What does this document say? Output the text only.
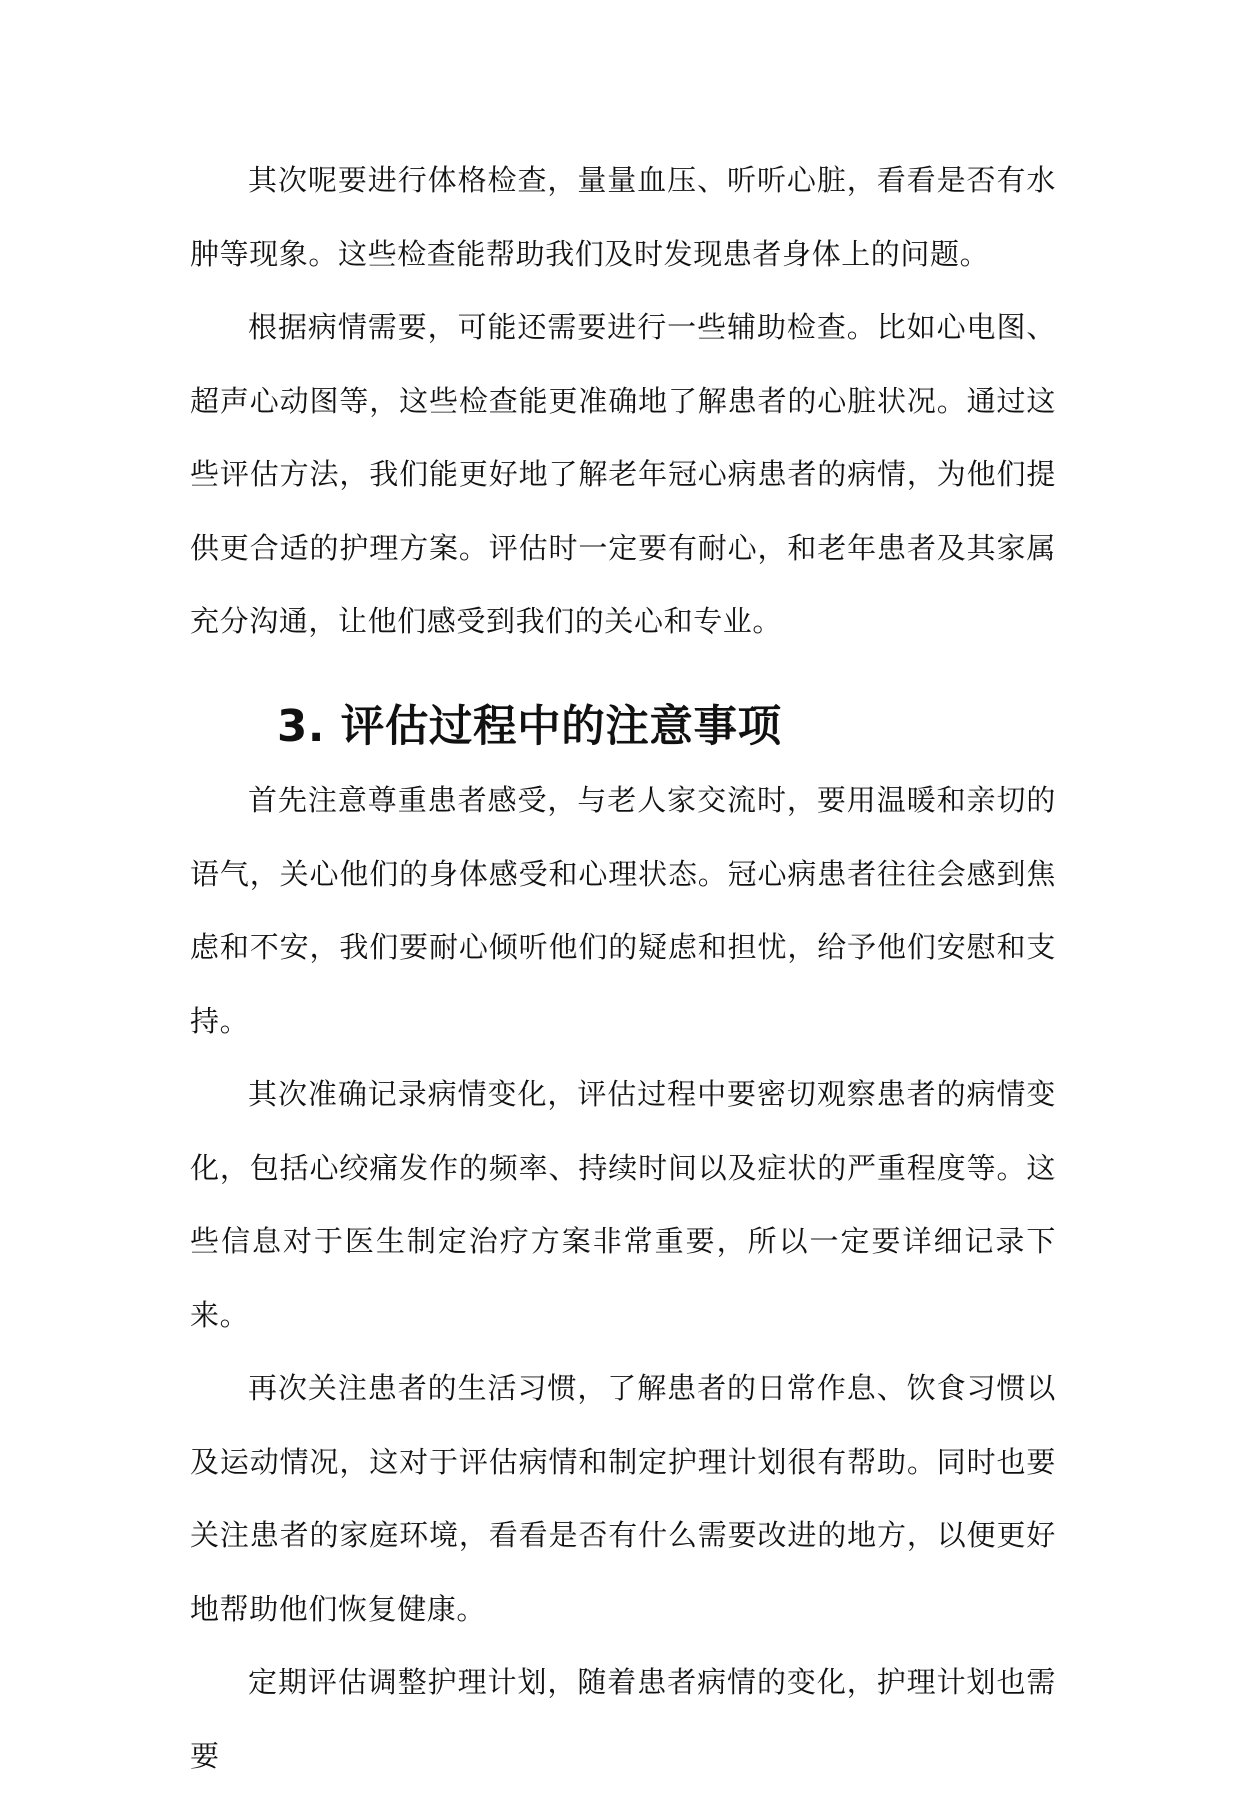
其次呢要进行体格检查，量量血压、听听心脏，看看是否有水肿等现象。这些检查能帮助我们及时发现患者身体上的问题。

根据病情需要，可能还需要进行一些辅助检查。比如心电图、超声心动图等，这些检查能更准确地了解患者的心脏状况。通过这些评估方法，我们能更好地了解老年冠心病患者的病情，为他们提供更合适的护理方案。评估时一定要有耐心，和老年患者及其家属充分沟通，让他们感受到我们的关心和专业。

3. 评估过程中的注意事项

首先注意尊重患者感受，与老人家交流时，要用温暖和亲切的语气，关心他们的身体感受和心理状态。冠心病患者往往会感到焦虑和不安，我们要耐心倾听他们的疑虑和担忧，给予他们安慰和支持。

其次准确记录病情变化，评估过程中要密切观察患者的病情变化，包括心绞痛发作的频率、持续时间以及症状的严重程度等。这些信息对于医生制定治疗方案非常重要，所以一定要详细记录下来。

再次关注患者的生活习惯，了解患者的日常作息、饮食习惯以及运动情况，这对于评估病情和制定护理计划很有帮助。同时也要关注患者的家庭环境，看看是否有什么需要改进的地方，以便更好地帮助他们恢复健康。

定期评估调整护理计划，随着患者病情的变化，护理计划也需要
